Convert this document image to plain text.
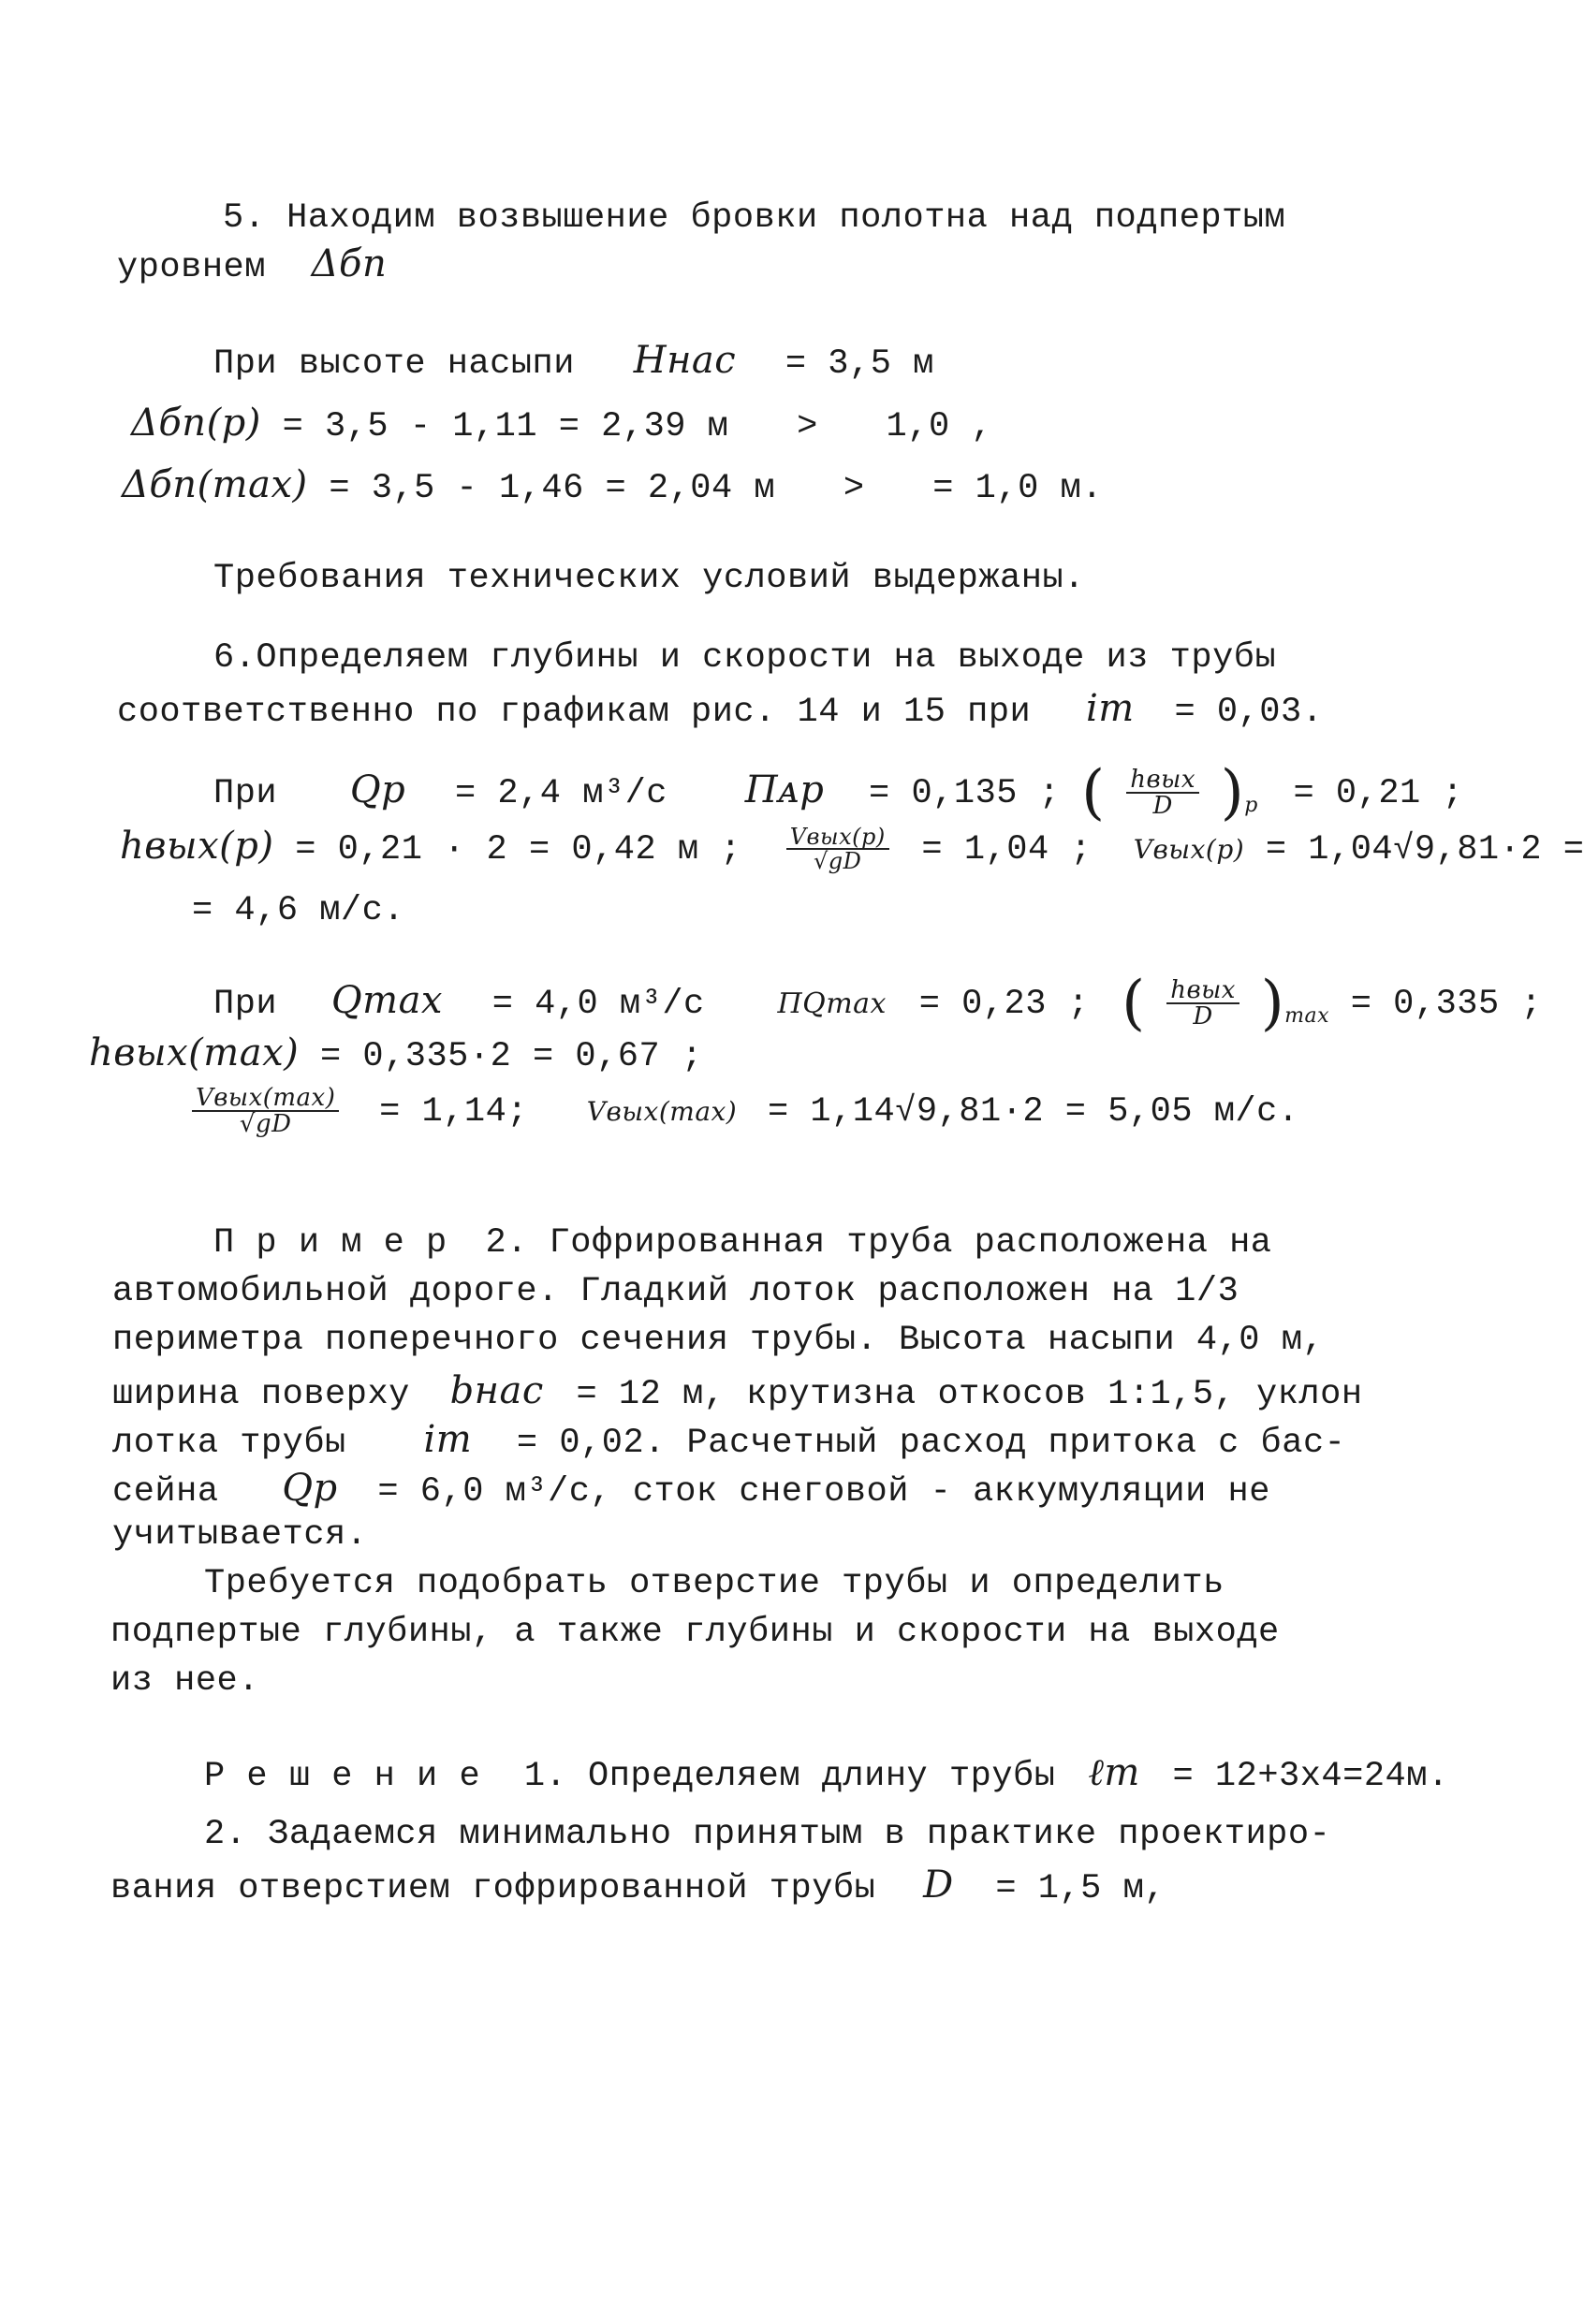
5. Находим возвышение бровки полотна над подпертым
уровнем Δбп
При высоте насыпи Hнас = 3,5 м
Δбп(р) = 3,5 - 1,11 = 2,39 м > 1,0 ,
Δбп(max) = 3,5 - 1,46 = 2,04 м > = 1,0 м.
Требования технических условий выдержаны.
6.Определяем глубины и скорости на выходе из трубы
соответственно по графикам рис. 14 и 15 при iт = 0,03.
При Qр = 2,4 м³/с Пᴀр = 0,135 ; ( $\frac{\text{hвых}}{D} )_р = 0,21$ ;
hвых(р) = 0,21 · 2 = 0,42 м ; $\frac{\text{Vвых(р)}}{√gD} = 1,04$ ; Vвых(р) = 1,04√9,81·2 =
= 4,6 м/с.
При Qmax = 4,0 м³/с	ПQmax = 0,23 ; ( $\frac{\text{hвых}}{D} )_{max} = 0,335$ ;
hвых(max) = 0,335·2 = 0,67 ;
$\frac{\text{Vвых(max)}}{√gD} = 1,14$; Vвых(max) = 1,14√9,81·2 = 5,05 м/с.
П р и м е р 2. Гофрированная труба расположена на
автомобильной дороге. Гладкий лоток расположен на 1/3
периметра поперечного сечения трубы. Высота насыпи 4,0 м,
ширина поверху bнас = 12 м, крутизна откосов 1:1,5, уклон
лотка трубы iт = 0,02. Расчетный расход притока с бас-
сейна Qр = 6,0 м³/с, сток снеговой - аккумуляции не
учитывается.
Требуется подобрать отверстие трубы и определить
подпертые глубины, а также глубины и скорости на выходе
из нее.
Р е ш е н и е 1. Определяем длину трубы ℓт = 12+3х4=24м.
2. Задаемся минимально принятым в практике проектиро-
вания отверстием гофрированной трубы D = 1,5 м,
